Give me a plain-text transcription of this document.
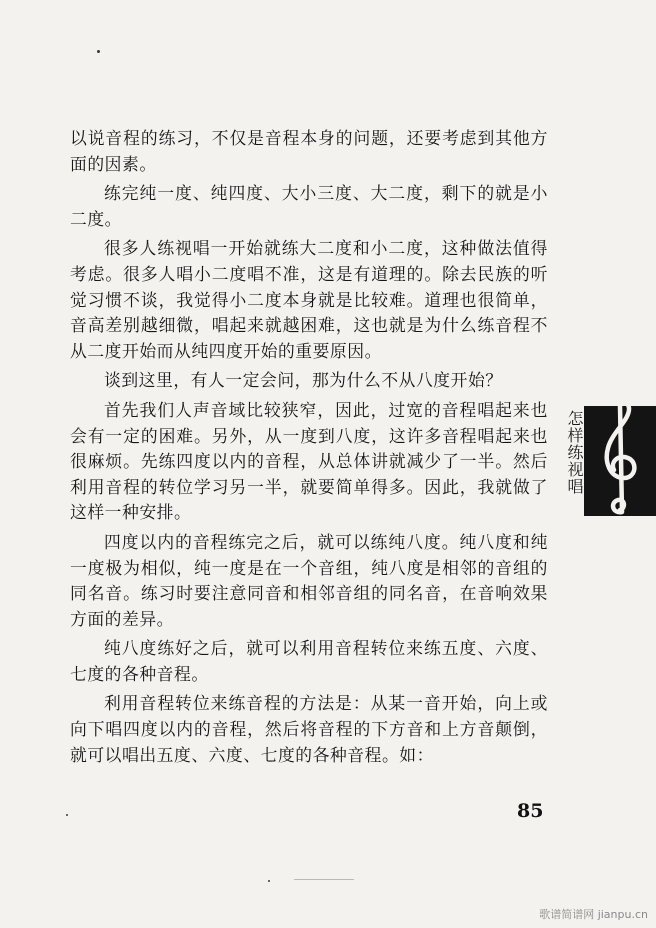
以说音程的练习，不仅是音程本身的问题，还要考虑到其他方面的因素。

练完纯一度、纯四度、大小三度、大二度，剩下的就是小二度。

很多人练视唱一开始就练大二度和小二度，这种做法值得考虑。很多人唱小二度唱不准，这是有道理的。除去民族的听觉习惯不谈，我觉得小二度本身就是比较难。道理也很简单，音高差别越细微，唱起来就越困难，这也就是为什么练音程不从二度开始而从纯四度开始的重要原因。

谈到这里，有人一定会问，那为什么不从八度开始？

首先我们人声音域比较狭窄，因此，过宽的音程唱起来也会有一定的困难。另外，从一度到八度，这许多音程唱起来也很麻烦。先练四度以内的音程，从总体讲就减少了一半。然后利用音程的转位学习另一半，就要简单得多。因此，我就做了这样一种安排。

四度以内的音程练完之后，就可以练纯八度。纯八度和纯一度极为相似，纯一度是在一个音组，纯八度是相邻的音组的同名音。练习时要注意同音和相邻音组的同名音，在音响效果方面的差异。

纯八度练好之后，就可以利用音程转位来练五度、六度、七度的各种音程。

利用音程转位来练音程的方法是：从某一音开始，向上或向下唱四度以内的音程，然后将音程的下方音和上方音颠倒，就可以唱出五度、六度、七度的各种音程。如：

怎样练视唱
85
歌谱简谱网 jianpu.cn
